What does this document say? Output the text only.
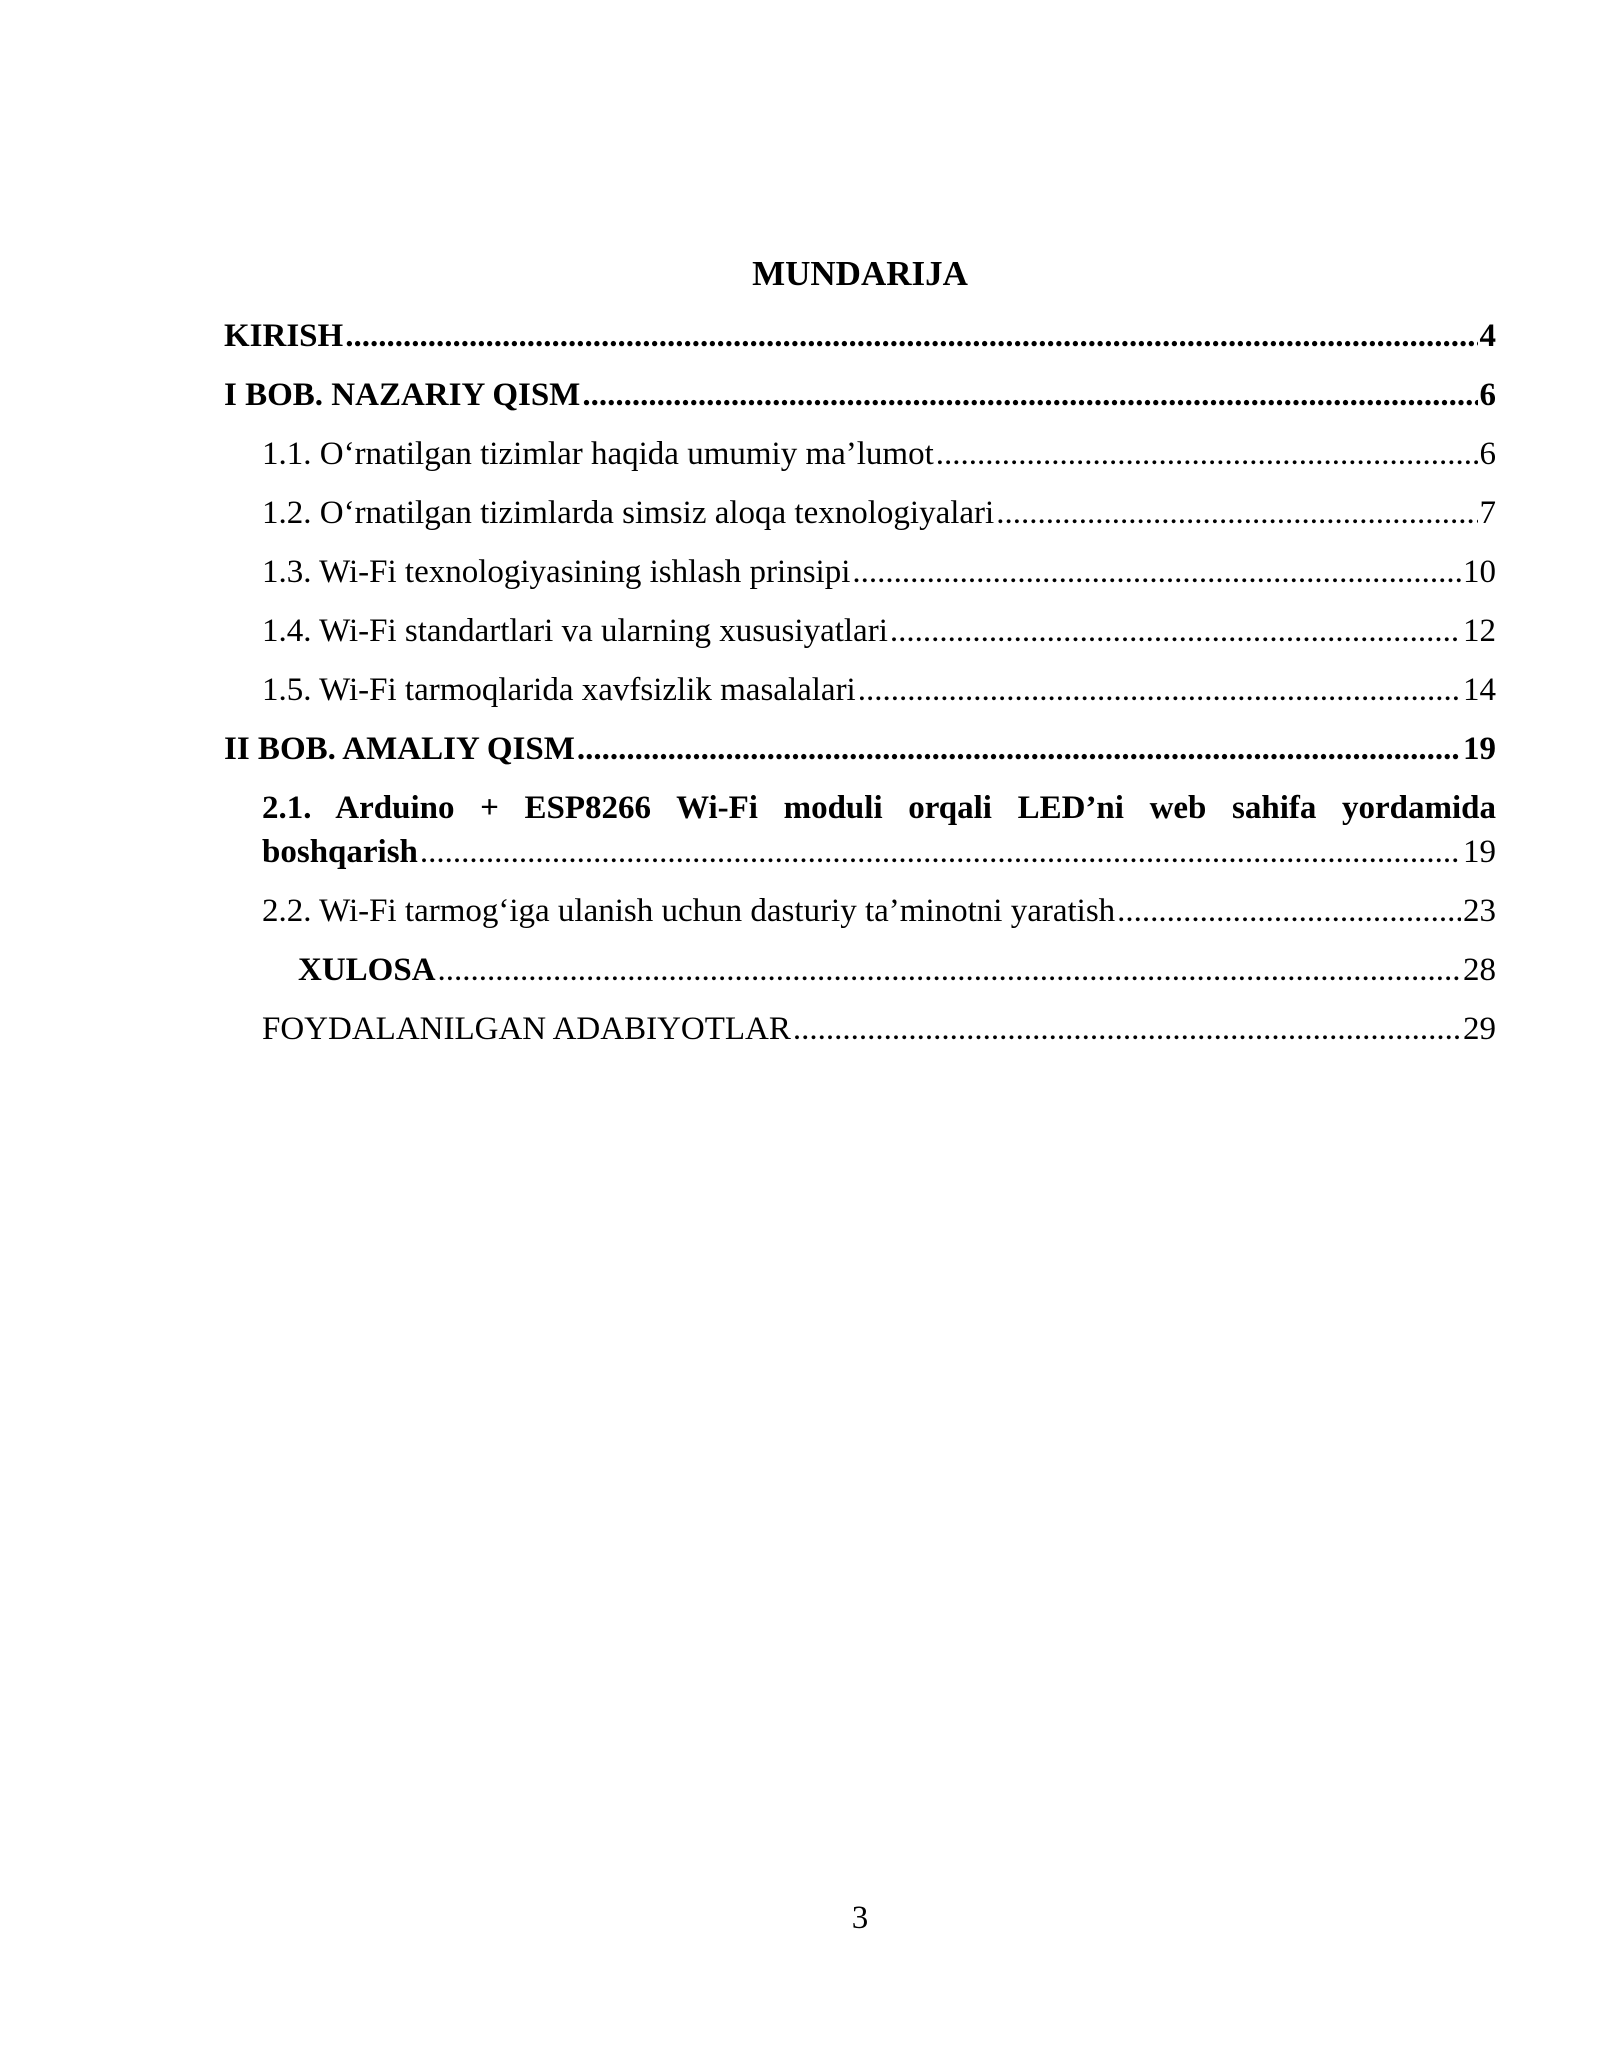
MUNDARIJA
KIRISH .....	4
I BOB. NAZARIY QISM .....	6
1.1. O‘rnatilgan tizimlar haqida umumiy ma’lumot .....	6
1.2. O‘rnatilgan tizimlarda simsiz aloqa texnologiyalari .....	7
1.3. Wi-Fi texnologiyasining ishlash prinsipi .....	10
1.4. Wi-Fi standartlari va ularning xususiyatlari .....	12
1.5. Wi-Fi tarmoqlarida xavfsizlik masalalari .....	14
II BOB. AMALIY QISM .....	19
2.1. Arduino + ESP8266 Wi-Fi moduli orqali LED’ni web sahifa yordamida
boshqarish .....	19
2.2. Wi-Fi tarmog‘iga ulanish uchun dasturiy ta’minotni yaratish .....	23
XULOSA .....	28
FOYDALANILGAN ADABIYOTLAR .....	29
3
